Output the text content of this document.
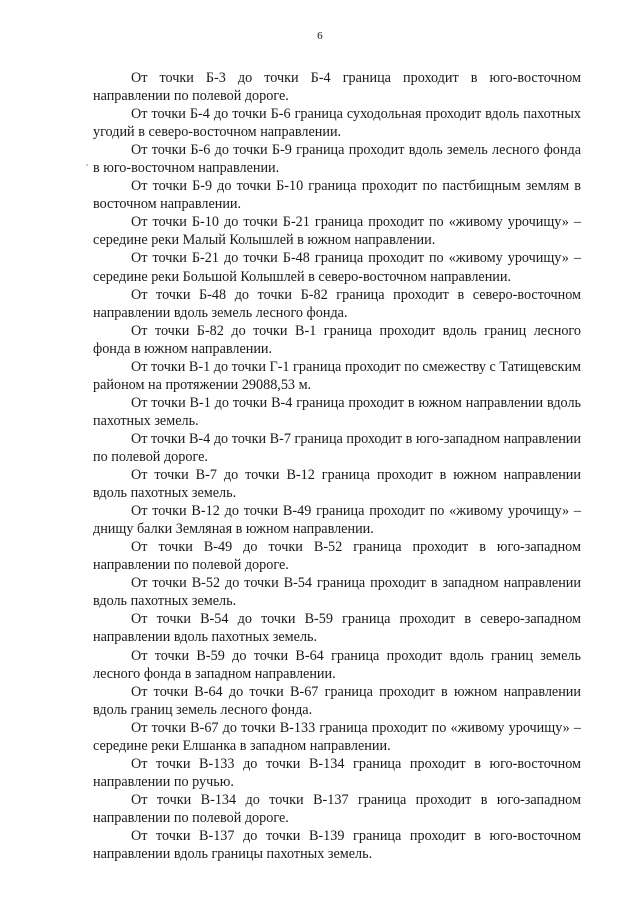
6

От точки Б-3 до точки Б-4 граница проходит в юго-восточном направлении по полевой дороге.

От точки Б-4 до точки Б-6 граница суходольная проходит вдоль пахотных угодий в северо-восточном направлении.

От точки Б-6 до точки Б-9 граница проходит вдоль земель лесного фонда в юго-восточном направлении.

От точки Б-9 до точки Б-10 граница проходит по пастбищным землям в восточном направлении.

От точки Б-10 до точки Б-21 граница проходит по «живому урочищу» – середине реки Малый Колышлей в южном направлении.

От точки Б-21 до точки Б-48 граница проходит по «живому урочищу» – середине реки Большой Колышлей в северо-восточном направлении.

От точки Б-48 до точки Б-82 граница проходит в северо-восточном направлении вдоль земель лесного фонда.

От точки Б-82 до точки В-1 граница проходит вдоль границ лесного фонда в южном направлении.

От точки В-1 до точки Г-1 граница проходит по смежеству с Татищевским районом на протяжении 29088,53 м.

От точки В-1 до точки В-4 граница проходит в южном направлении вдоль пахотных земель.

От точки В-4 до точки В-7 граница проходит в юго-западном направлении по полевой дороге.

От точки В-7 до точки В-12 граница проходит в южном направлении вдоль пахотных земель.

От точки В-12 до точки В-49 граница проходит по «живому урочищу» – днищу балки Земляная в южном направлении.

От точки В-49 до точки В-52 граница проходит в юго-западном направлении по полевой дороге.

От точки В-52 до точки В-54 граница проходит в западном направлении вдоль пахотных земель.

От точки В-54 до точки В-59 граница проходит в северо-западном направлении вдоль пахотных земель.

От точки В-59 до точки В-64 граница проходит вдоль границ земель лесного фонда в западном направлении.

От точки В-64 до точки В-67 граница проходит в южном направлении вдоль границ земель лесного фонда.

От точки В-67 до точки В-133 граница проходит по «живому урочищу» – середине реки Елшанка в западном направлении.

От точки В-133 до точки В-134 граница проходит в юго-восточном направлении по ручью.

От точки В-134 до точки В-137 граница проходит в юго-западном направлении по полевой дороге.

От точки В-137 до точки В-139 граница проходит в юго-восточном направлении вдоль границы пахотных земель.
